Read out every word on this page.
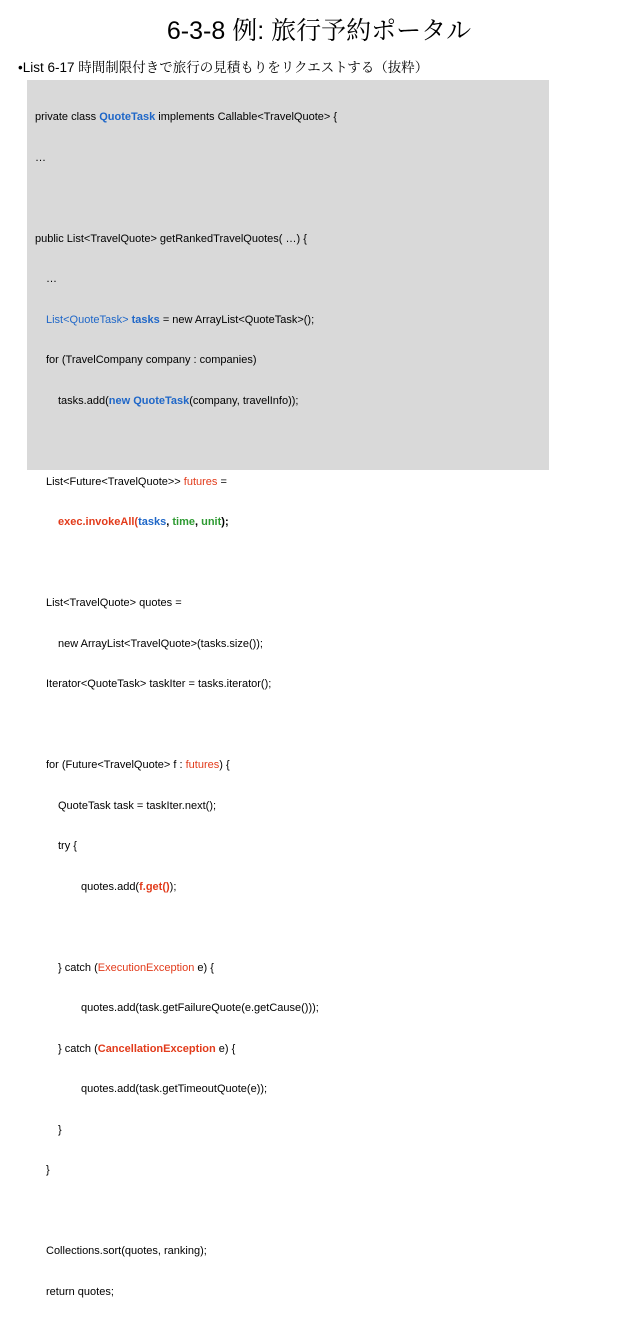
6-3-8 例: 旅行予約ポータル
•List 6-17 時間制限付きで旅行の見積もりをリクエストする（抜粋）

private class QuoteTask implements Callable<TravelQuote> {

…

public List<TravelQuote> getRankedTravelQuotes( …) {

…

List<QuoteTask> tasks = new ArrayList<QuoteTask>();

for (TravelCompany company : companies)

tasks.add(new QuoteTask(company, travelInfo));

List<Future<TravelQuote>> futures =

exec.invokeAll(tasks, time, unit);

List<TravelQuote> quotes =

new ArrayList<TravelQuote>(tasks.size());

Iterator<QuoteTask> taskIter = tasks.iterator();

for (Future<TravelQuote> f : futures) {

QuoteTask task = taskIter.next();

try {

quotes.add(f.get());

} catch (ExecutionException e) {

quotes.add(task.getFailureQuote(e.getCause()));

} catch (CancellationException e) {

quotes.add(task.getTimeoutQuote(e));

}

}

Collections.sort(quotes, ranking);

return quotes;
